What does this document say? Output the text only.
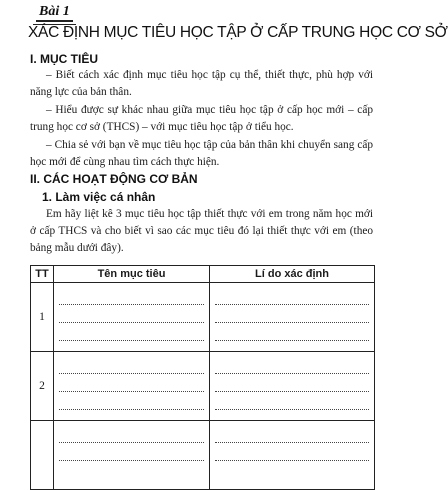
Bài 1
XÁC ĐỊNH MỤC TIÊU HỌC TẬP Ở CẤP TRUNG HỌC CƠ SỞ
I. MỤC TIÊU
– Biết cách xác định mục tiêu học tập cụ thể, thiết thực, phù hợp với năng lực của bản thân.
– Hiểu được sự khác nhau giữa mục tiêu học tập ở cấp học mới – cấp trung học cơ sở (THCS) – với mục tiêu học tập ở tiểu học.
– Chia sẻ với bạn về mục tiêu học tập của bản thân khi chuyển sang cấp học mới để cùng nhau tìm cách thực hiện.
II. CÁC HOẠT ĐỘNG CƠ BẢN
1. Làm việc cá nhân
Em hãy liệt kê 3 mục tiêu học tập thiết thực với em trong năm học mới ở cấp THCS và cho biết vì sao các mục tiêu đó lại thiết thực với em (theo bảng mẫu dưới đây).
TT	Tên mục tiêu	Lí do xác định
1	

2	
